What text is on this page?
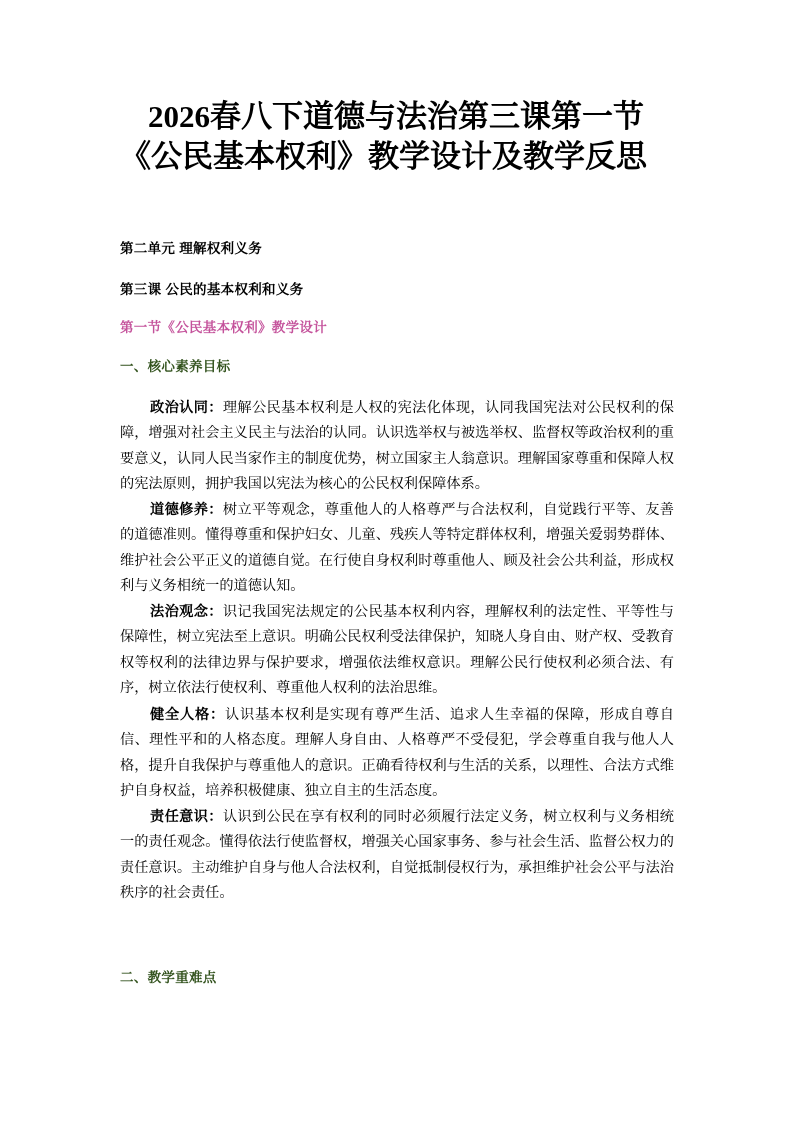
2026春八下道德与法治第三课第一节《公民基本权利》教学设计及教学反思

第二单元 理解权利义务

第三课 公民的基本权利和义务

第一节《公民基本权利》教学设计

一、核心素养目标

政治认同：理解公民基本权利是人权的宪法化体现，认同我国宪法对公民权利的保障，增强对社会主义民主与法治的认同。认识选举权与被选举权、监督权等政治权利的重要意义，认同人民当家作主的制度优势，树立国家主人翁意识。理解国家尊重和保障人权的宪法原则，拥护我国以宪法为核心的公民权利保障体系。

道德修养：树立平等观念，尊重他人的人格尊严与合法权利，自觉践行平等、友善的道德准则。懂得尊重和保护妇女、儿童、残疾人等特定群体权利，增强关爱弱势群体、维护社会公平正义的道德自觉。在行使自身权利时尊重他人、顾及社会公共利益，形成权利与义务相统一的道德认知。

法治观念：识记我国宪法规定的公民基本权利内容，理解权利的法定性、平等性与保障性，树立宪法至上意识。明确公民权利受法律保护，知晓人身自由、财产权、受教育权等权利的法律边界与保护要求，增强依法维权意识。理解公民行使权利必须合法、有序，树立依法行使权利、尊重他人权利的法治思维。

健全人格：认识基本权利是实现有尊严生活、追求人生幸福的保障，形成自尊自信、理性平和的人格态度。理解人身自由、人格尊严不受侵犯，学会尊重自我与他人人格，提升自我保护与尊重他人的意识。正确看待权利与生活的关系，以理性、合法方式维护自身权益，培养积极健康、独立自主的生活态度。

责任意识：认识到公民在享有权利的同时必须履行法定义务，树立权利与义务相统一的责任观念。懂得依法行使监督权，增强关心国家事务、参与社会生活、监督公权力的责任意识。主动维护自身与他人合法权利，自觉抵制侵权行为，承担维护社会公平与法治秩序的社会责任。

二、教学重难点
